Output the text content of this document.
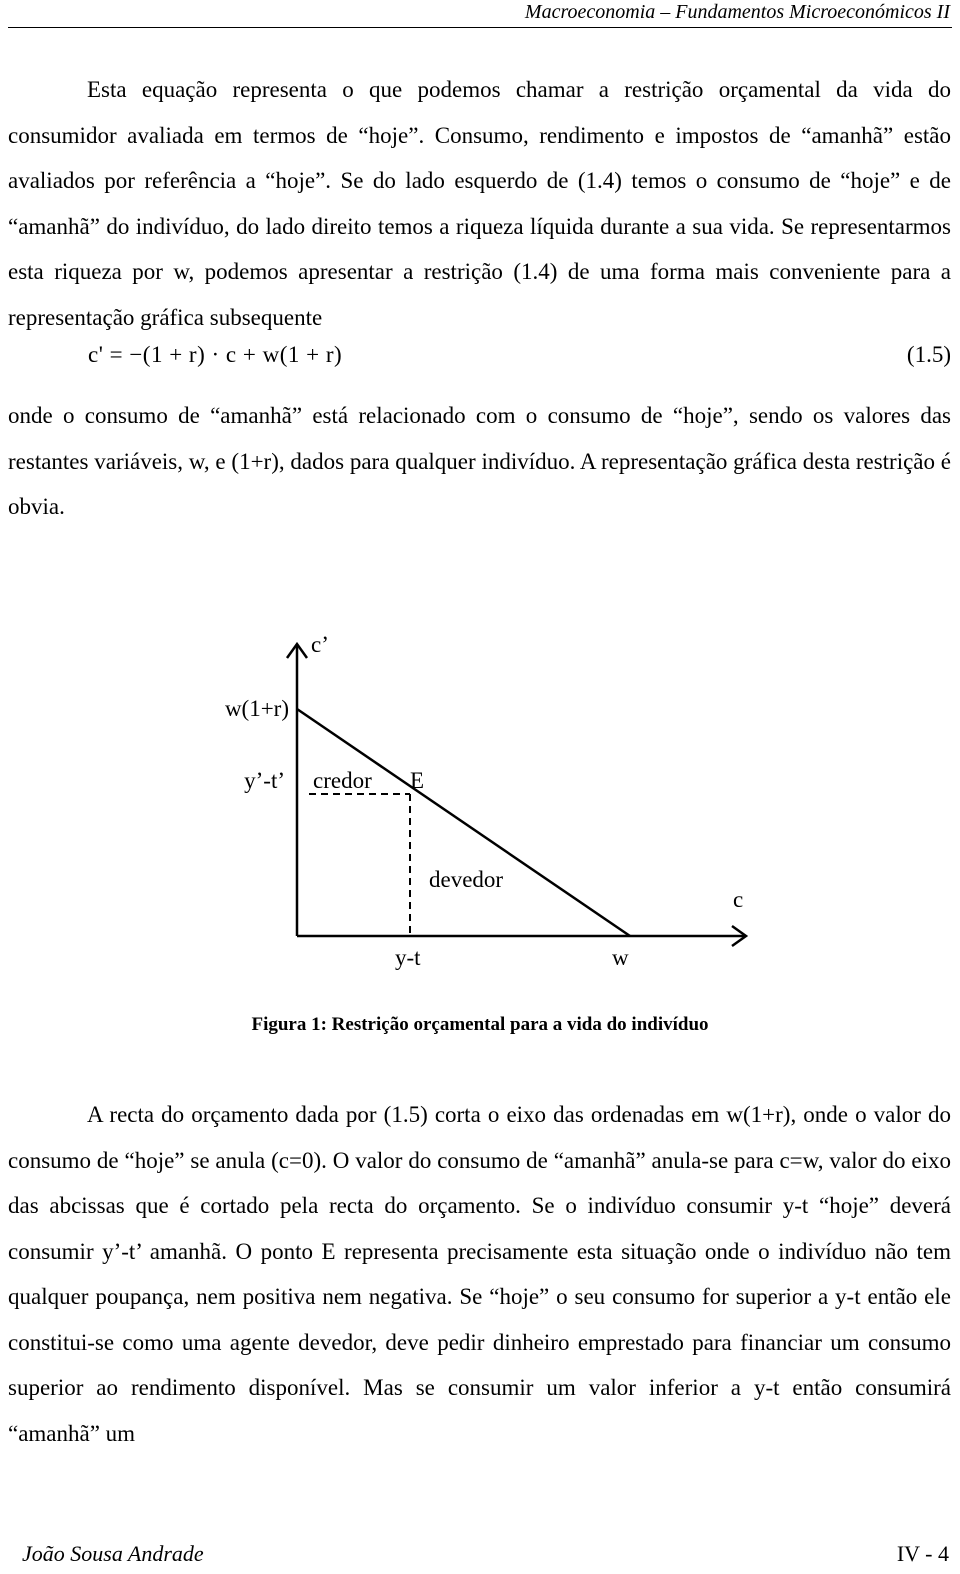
Macroeconomia – Fundamentos Microeconómicos II

Esta equação representa o que podemos chamar a restrição orçamental da vida do consumidor avaliada em termos de “hoje”. Consumo, rendimento e impostos de “amanhã” estão avaliados por referência a “hoje”. Se do lado esquerdo de (1.4) temos o consumo de “hoje” e de “amanhã” do indivíduo, do lado direito temos a riqueza líquida durante a sua vida. Se representarmos esta riqueza por w, podemos apresentar a restrição (1.4) de uma forma mais conveniente para a representação gráfica subsequente

c' = −(1 + r) · c + w(1 + r)	(1.5)

onde o consumo de “amanhã” está relacionado com o consumo de “hoje”, sendo os valores das restantes variáveis, w, e (1+r), dados para qualquer indivíduo. A representação gráfica desta restrição é obvia.

c’
c
w(1+r)
w
y’-t’
y-t
E
credor
devedor
Figura 1: Restrição orçamental para a vida do indivíduo

A recta do orçamento dada por (1.5) corta o eixo das ordenadas em w(1+r), onde o valor do consumo de “hoje” se anula (c=0). O valor do consumo de “amanhã” anula-se para c=w, valor do eixo das abcissas que é cortado pela recta do orçamento. Se o indivíduo consumir y-t “hoje” deverá consumir y’-t’ amanhã. O ponto E representa precisamente esta situação onde o indivíduo não tem qualquer poupança, nem positiva nem negativa. Se “hoje” o seu consumo for superior a y-t então ele constitui-se como uma agente devedor, deve pedir dinheiro emprestado para financiar um consumo superior ao rendimento disponível. Mas se consumir um valor inferior a y-t então consumirá “amanhã” um

João Sousa Andrade	IV - 4
